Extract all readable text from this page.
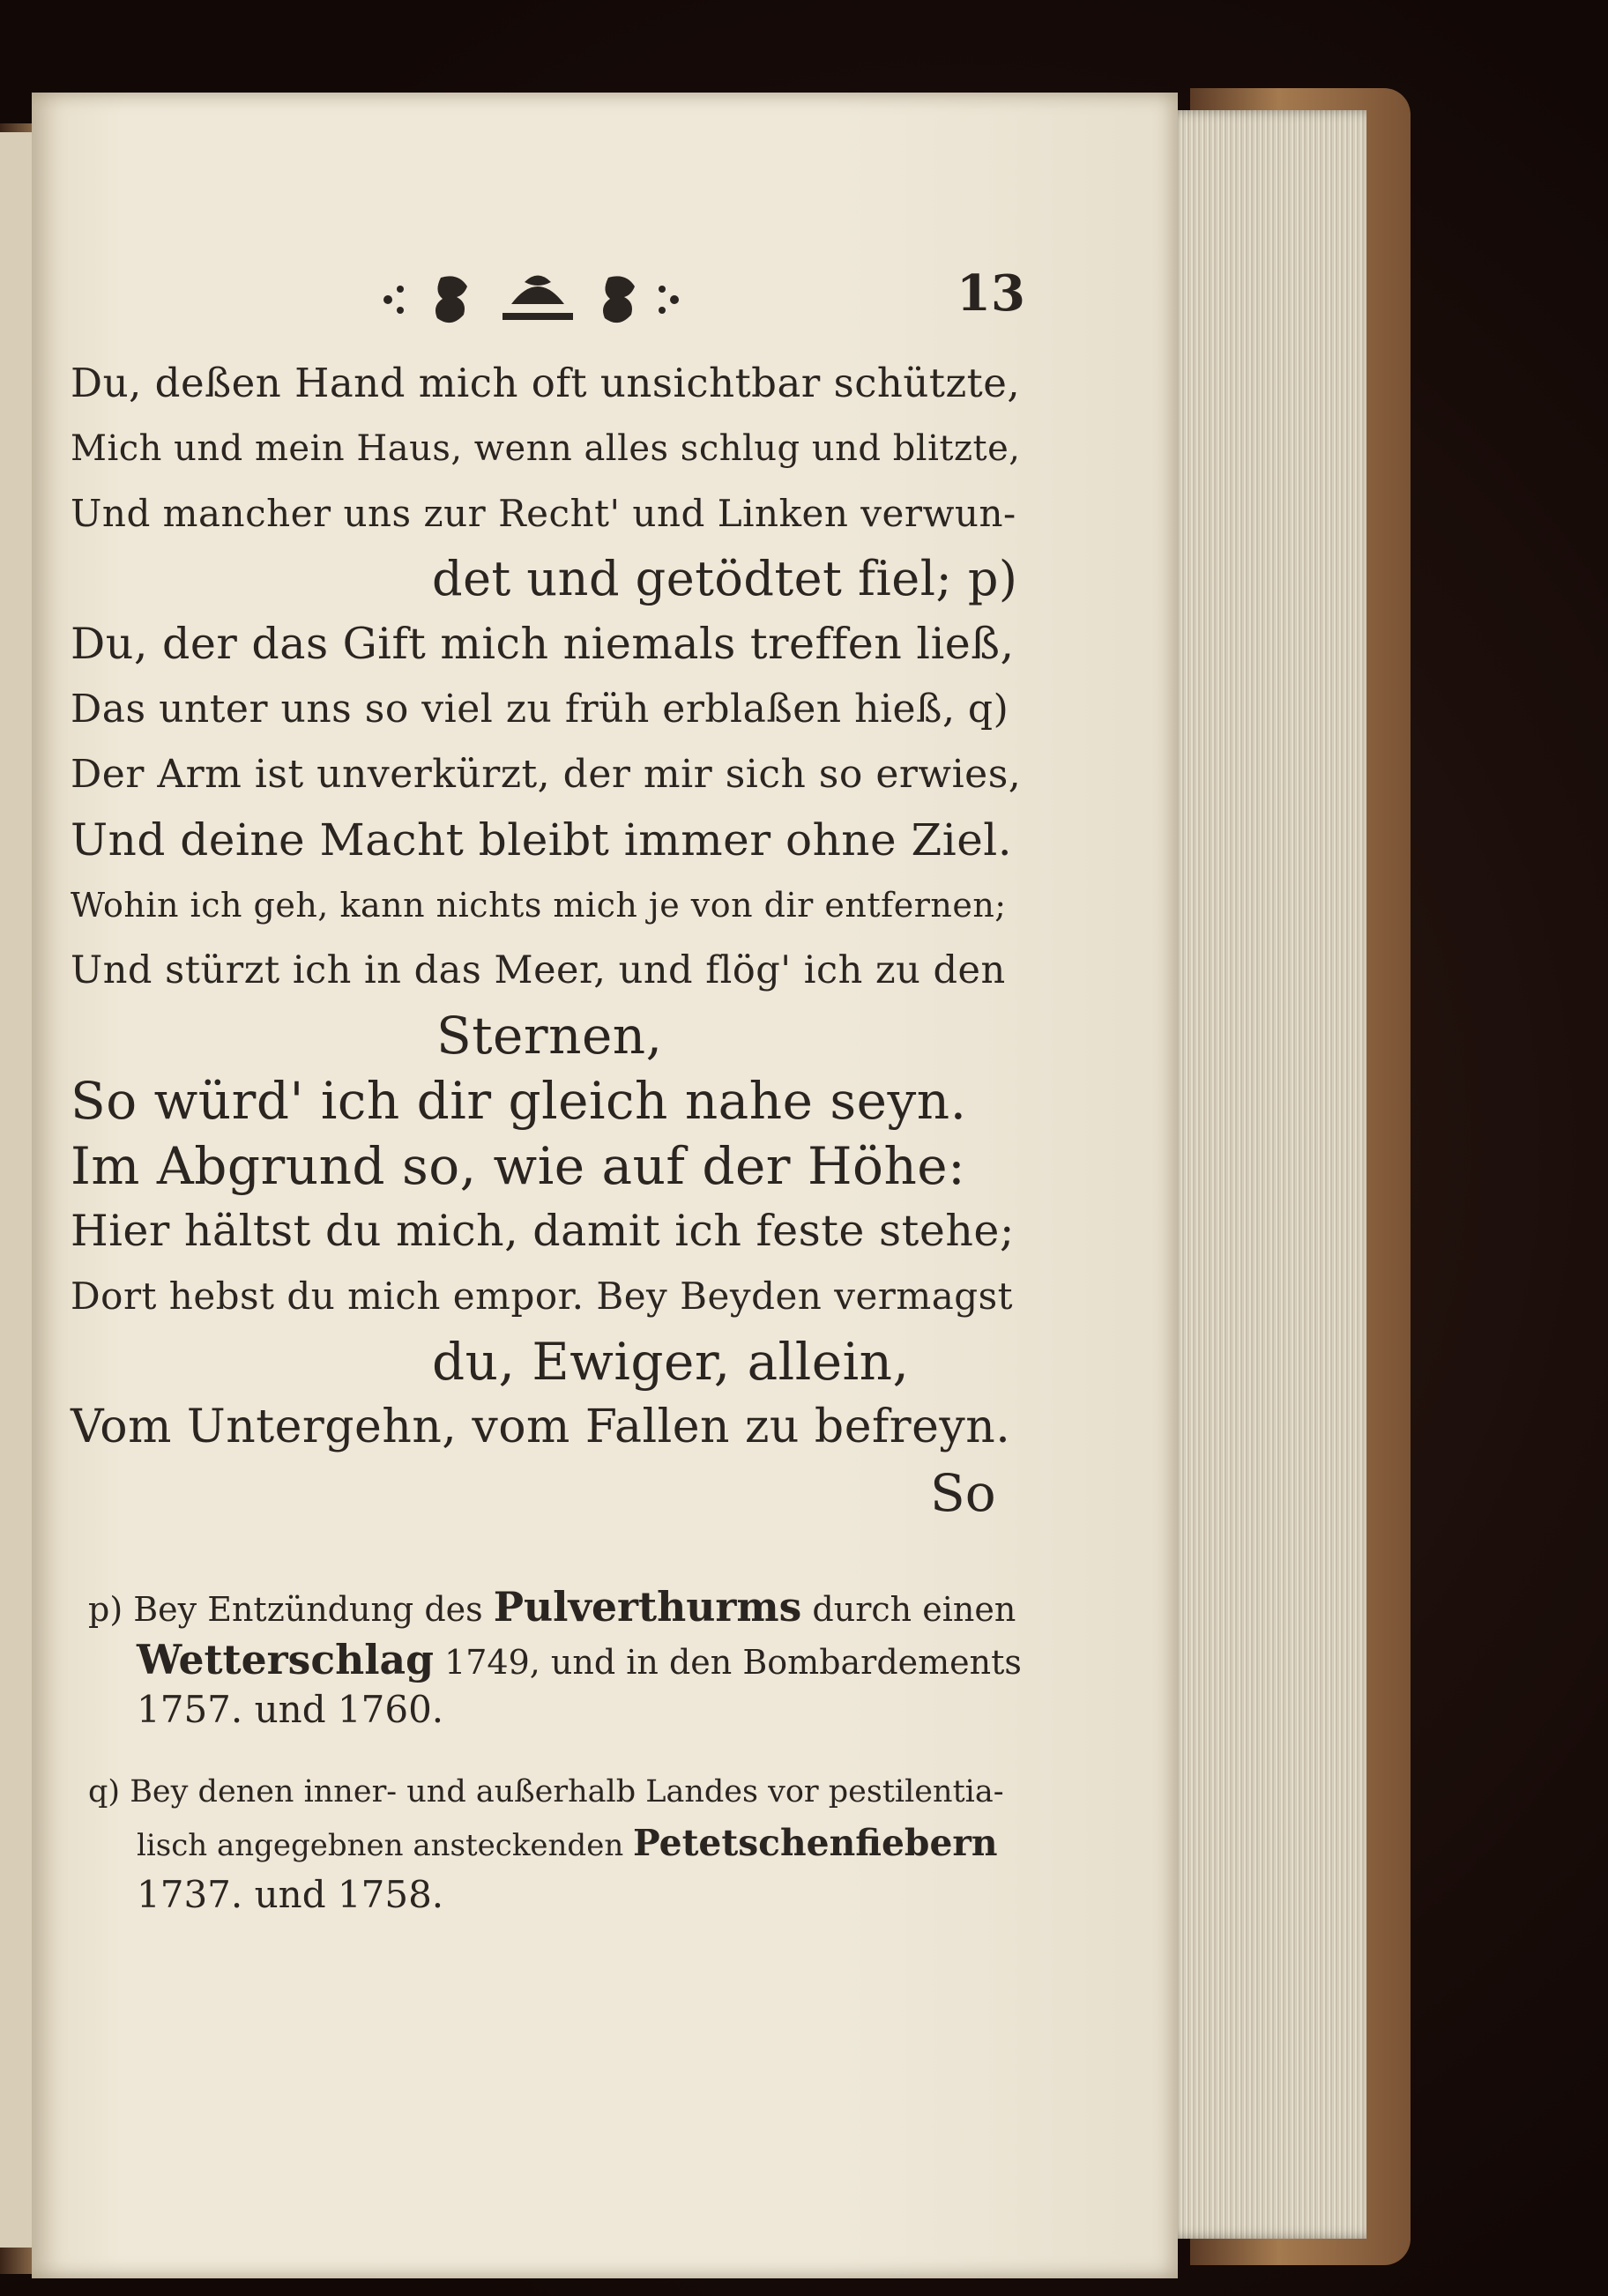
13
Du, deßen Hand mich oft unsichtbar schützte,
Mich und mein Haus, wenn alles schlug und blitzte,
Und mancher uns zur Recht' und Linken verwun-
det und getödtet fiel; p)
Du, der das Gift mich niemals treffen ließ,
Das unter uns so viel zu früh erblaßen hieß, q)
Der Arm ist unverkürzt, der mir sich so erwies,
Und deine Macht bleibt immer ohne Ziel.
Wohin ich geh, kann nichts mich je von dir entfernen;
Und stürzt ich in das Meer, und flög' ich zu den
Sternen,
So würd' ich dir gleich nahe seyn.
Im Abgrund so, wie auf der Höhe:
Hier hältst du mich, damit ich feste stehe;
Dort hebst du mich empor. Bey Beyden vermagst
du, Ewiger, allein,
Vom Untergehn, vom Fallen zu befreyn.
So
p) Bey Entzündung des Pulverthurms durch einen
Wetterschlag 1749, und in den Bombardements
1757. und 1760.
q) Bey denen inner- und außerhalb Landes vor pestilentia-
lisch angegebnen ansteckenden Petetschenfiebern
1737. und 1758.
